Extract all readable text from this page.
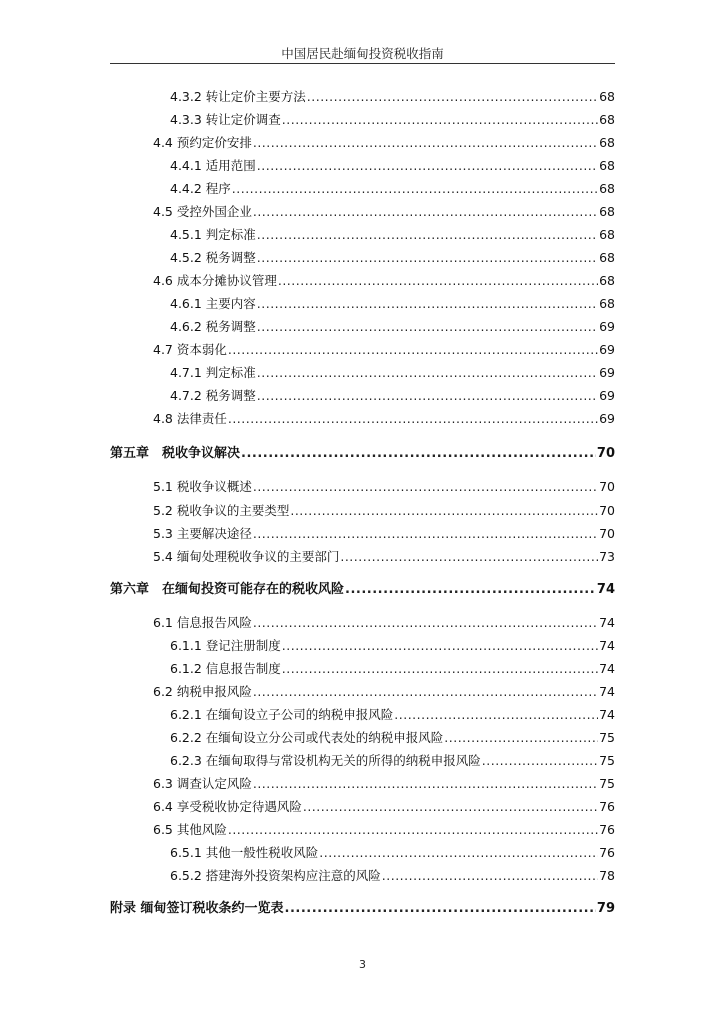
中国居民赴缅甸投资税收指南
4.3.2 转让定价主要方法 .....	68
4.3.3 转让定价调查 .....	68
4.4 预约定价安排 .....	68
4.4.1 适用范围 .....	68
4.4.2 程序 .....	68
4.5 受控外国企业 .....	68
4.5.1 判定标准 .....	68
4.5.2 税务调整 .....	68
4.6 成本分摊协议管理 .....	68
4.6.1 主要内容 .....	68
4.6.2 税务调整 .....	69
4.7 资本弱化 .....	69
4.7.1 判定标准 .....	69
4.7.2 税务调整 .....	69
4.8 法律责任 .....	69
第五章　税收争议解决 .....	70
5.1 税收争议概述 .....	70
5.2 税收争议的主要类型 .....	70
5.3 主要解决途径 .....	70
5.4 缅甸处理税收争议的主要部门 .....	73
第六章　在缅甸投资可能存在的税收风险 .....	74
6.1 信息报告风险 .....	74
6.1.1 登记注册制度 .....	74
6.1.2 信息报告制度 .....	74
6.2 纳税申报风险 .....	74
6.2.1 在缅甸设立子公司的纳税申报风险 .....	74
6.2.2 在缅甸设立分公司或代表处的纳税申报风险 .....	75
6.2.3 在缅甸取得与常设机构无关的所得的纳税申报风险 .....	75
6.3 调查认定风险 .....	75
6.4 享受税收协定待遇风险 .....	76
6.5 其他风险 .....	76
6.5.1 其他一般性税收风险 .....	76
6.5.2 搭建海外投资架构应注意的风险 .....	78
附录 缅甸签订税收条约一览表 .....	79
3
